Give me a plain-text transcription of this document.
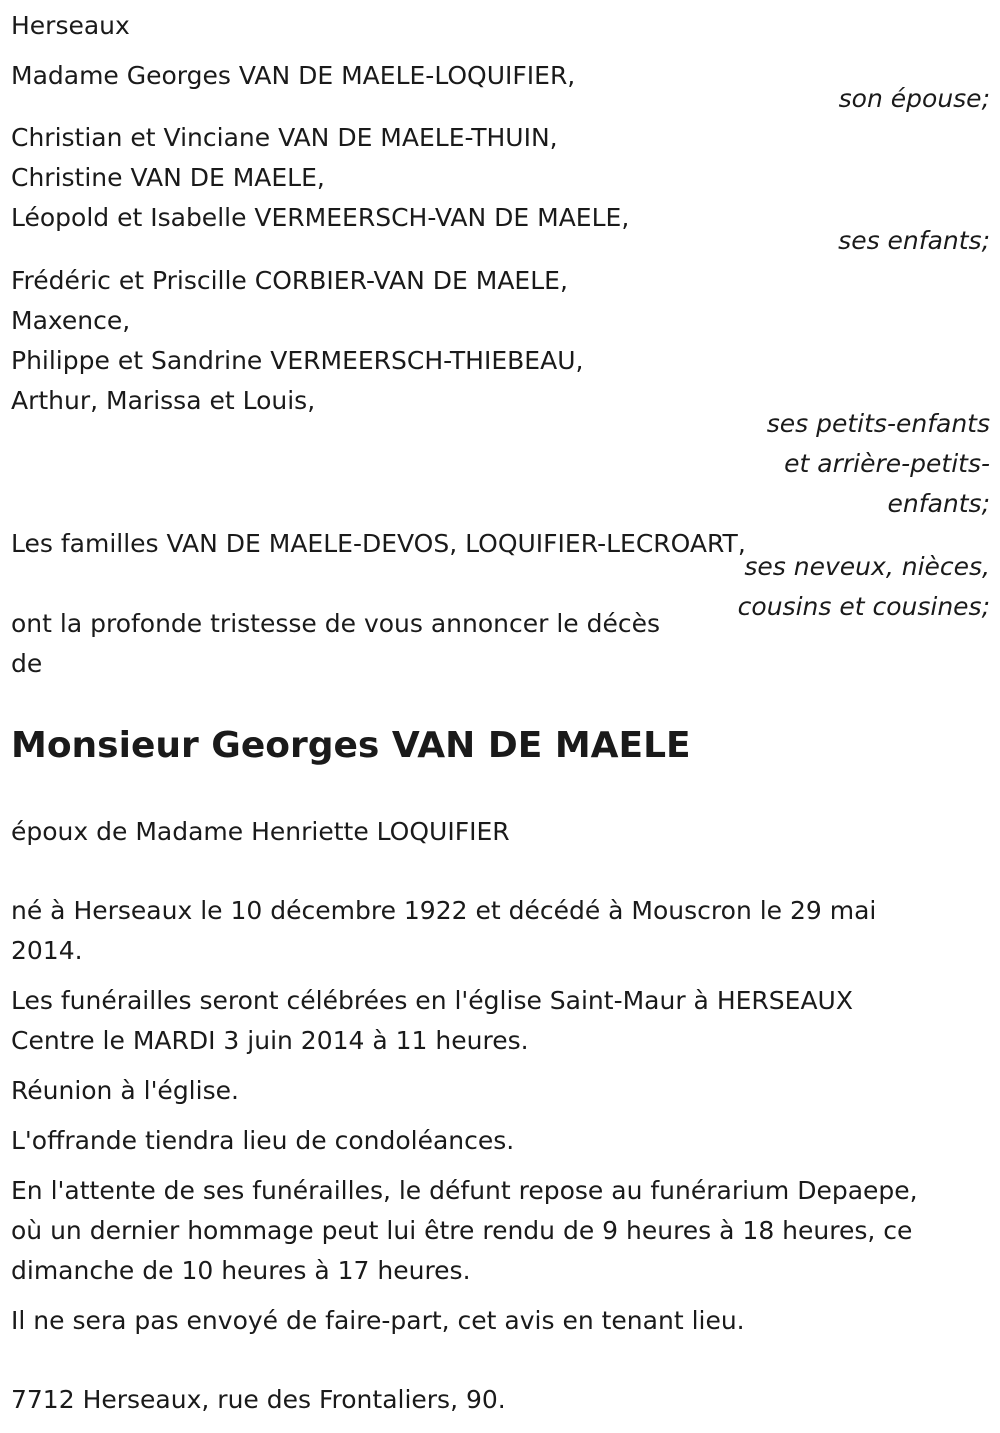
Herseaux
Madame Georges VAN DE MAELE-LOQUIFIER,
son épouse;
Christian et Vinciane VAN DE MAELE-THUIN,
Christine VAN DE MAELE,
Léopold et Isabelle VERMEERSCH-VAN DE MAELE,
ses enfants;
Frédéric et Priscille CORBIER-VAN DE MAELE,
Maxence,
Philippe et Sandrine VERMEERSCH-THIEBEAU,
Arthur, Marissa et Louis,
ses petits-enfants
et arrière-petits-
enfants;
Les familles VAN DE MAELE-DEVOS, LOQUIFIER-LECROART,
ses neveux, nièces,
cousins et cousines;
ont la profonde tristesse de vous annoncer le décès
de
Monsieur Georges VAN DE MAELE
époux de Madame Henriette LOQUIFIER
né à Herseaux le 10 décembre 1922 et décédé à Mouscron le 29 mai
2014.
Les funérailles seront célébrées en l'église Saint-Maur à HERSEAUX
Centre le MARDI 3 juin 2014 à 11 heures.
Réunion à l'église.
L'offrande tiendra lieu de condoléances.
En l'attente de ses funérailles, le défunt repose au funérarium Depaepe,
où un dernier hommage peut lui être rendu de 9 heures à 18 heures, ce
dimanche de 10 heures à 17 heures.
Il ne sera pas envoyé de faire-part, cet avis en tenant lieu.
7712 Herseaux, rue des Frontaliers, 90.
